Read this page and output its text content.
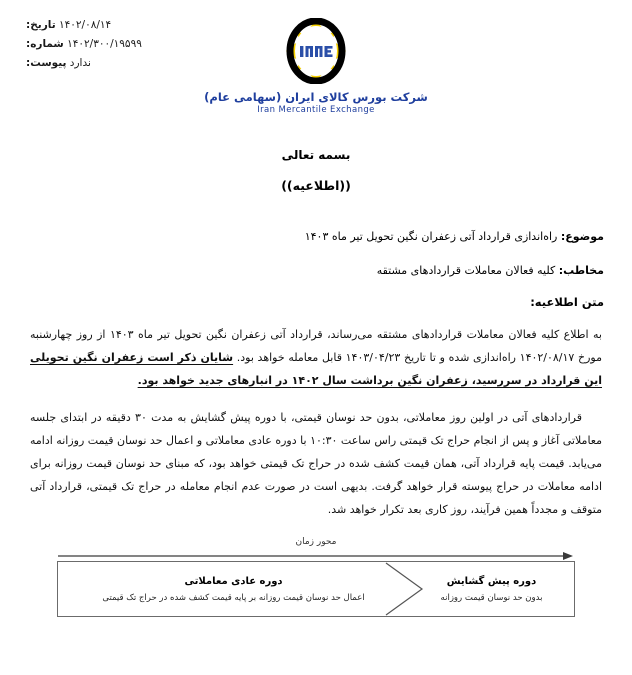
۱۴۰۲/۰۸/۱۴ تاریخ:
۱۴۰۲/۳۰۰/۱۹۵۹۹ شماره:
ندارد پیوست:
شرکت بورس کالای ایران (سهامی عام)
Iran Mercantile Exchange
بسمه تعالی
((اطلاعیه))
موضوع: راه‌اندازی قرارداد آتی زعفران نگین تحویل تیر ماه ۱۴۰۳
مخاطب: کلیه فعالان معاملات قراردادهای مشتقه
متن اطلاعیه:
به اطلاع کلیه فعالان معاملات قراردادهای مشتقه می‌رساند، قرارداد آتی زعفران نگین تحویل تیر ماه ۱۴۰۳ از روز چهارشنبه مورخ ۱۴۰۲/۰۸/۱۷ راه‌اندازی شده و تا تاریخ ۱۴۰۳/۰۴/۲۳ قابل معامله خواهد بود. شایان ذکر است زعفران نگین تحویلی این قرارداد در سررسید، زعفران نگین برداشت سال ۱۴۰۲ در انبارهای جدید خواهد بود.
قراردادهای آتی در اولین روز معاملاتی، بدون حد نوسان قیمتی، با دوره پیش گشایش به مدت ۳۰ دقیقه در ابتدای جلسه معاملاتی آغاز و پس از انجام حراج تک قیمتی راس ساعت ۱۰:۳۰ با دوره عادی معاملاتی و اعمال حد نوسان قیمت روزانه ادامه می‌یابد. قیمت پایه قرارداد آتی، همان قیمت کشف شده در حراج تک قیمتی خواهد بود، که مبنای حد نوسان قیمت روزانه برای ادامه معاملات در حراج پیوسته قرار خواهد گرفت. بدیهی است در صورت عدم انجام معامله در حراج تک قیمتی، قرارداد آتی متوقف و مجدداً همین فرآیند، روز کاری بعد تکرار خواهد شد.
محور زمان
دوره پیش گشایش
بدون حد نوسان قیمت روزانه
دوره عادی معاملاتی
اعمال حد نوسان قیمت روزانه بر پایه قیمت کشف شده در حراج تک قیمتی
